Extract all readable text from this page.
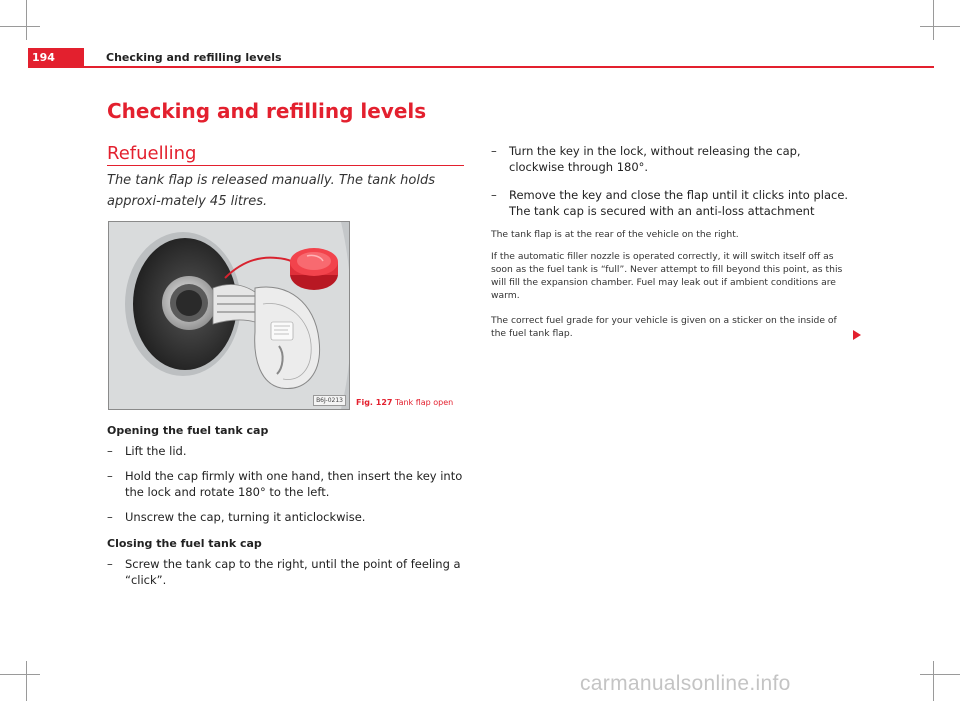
194	Checking and refilling levels
Checking and refilling levels
Refuelling
The tank flap is released manually. The tank holds approxi-mately 45 litres.
B6J-0213	Fig. 127 Tank flap open
Opening the fuel tank cap
– Lift the lid.
– Hold the cap firmly with one hand, then insert the key into the lock and rotate 180° to the left.
– Unscrew the cap, turning it anticlockwise.
Closing the fuel tank cap
– Screw the tank cap to the right, until the point of feeling a “click”.
– Turn the key in the lock, without releasing the cap, clockwise through 180°.
– Remove the key and close the flap until it clicks into place. The tank cap is secured with an anti-loss attachment
The tank flap is at the rear of the vehicle on the right.
If the automatic filler nozzle is operated correctly, it will switch itself off as soon as the fuel tank is “full”. Never attempt to fill beyond this point, as this will fill the expansion chamber. Fuel may leak out if ambient conditions are warm.
The correct fuel grade for your vehicle is given on a sticker on the inside of the fuel tank flap.
carmanualsonline.info
